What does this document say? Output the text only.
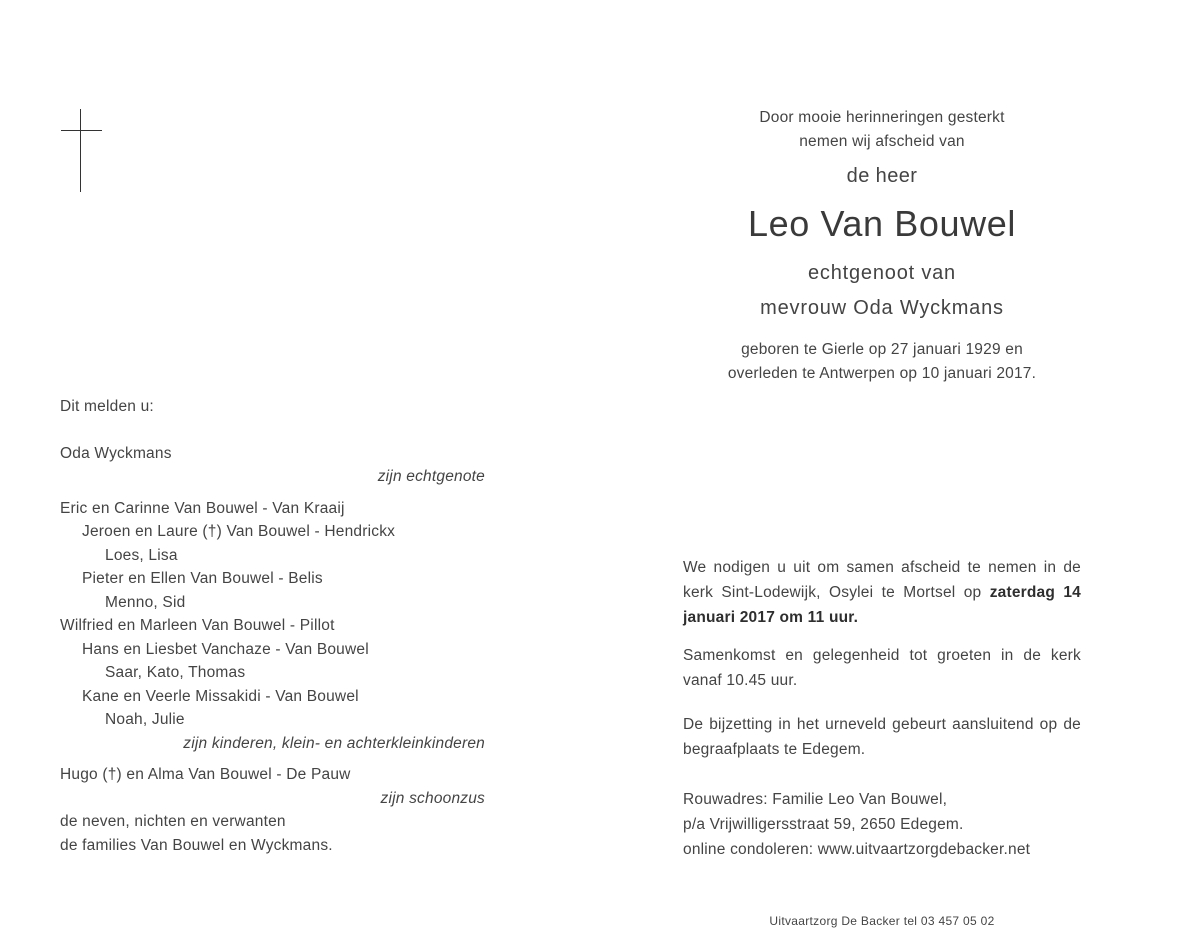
Door mooie herinneringen gesterkt
nemen wij afscheid van
de heer
Leo Van Bouwel
echtgenoot van
mevrouw Oda Wyckmans
geboren te Gierle op 27 januari 1929 en
overleden te Antwerpen op 10 januari 2017.
Dit melden u:
Oda Wyckmans
zijn echtgenote
Eric en Carinne Van Bouwel - Van Kraaij
Jeroen en Laure (†) Van Bouwel - Hendrickx
Loes, Lisa
Pieter en Ellen Van Bouwel - Belis
Menno, Sid
Wilfried en Marleen Van Bouwel - Pillot
Hans en Liesbet Vanchaze - Van Bouwel
Saar, Kato, Thomas
Kane en Veerle Missakidi - Van Bouwel
Noah, Julie
zijn kinderen, klein- en achterkleinkinderen
Hugo (†) en Alma Van Bouwel - De Pauw
zijn schoonzus
de neven, nichten en verwanten
de families Van Bouwel en Wyckmans.

We nodigen u uit om samen afscheid te nemen in de kerk Sint-Lodewijk, Osylei te Mortsel op zaterdag 14 januari 2017 om 11 uur.

Samenkomst en gelegenheid tot groeten in de kerk vanaf 10.45 uur.

De bijzetting in het urneveld gebeurt aansluitend op de begraafplaats te Edegem.

Rouwadres: Familie Leo Van Bouwel,
p/a Vrijwilligersstraat 59, 2650 Edegem.
online condoleren: www.uitvaartzorgdebacker.net
Uitvaartzorg De Backer tel 03 457 05 02
